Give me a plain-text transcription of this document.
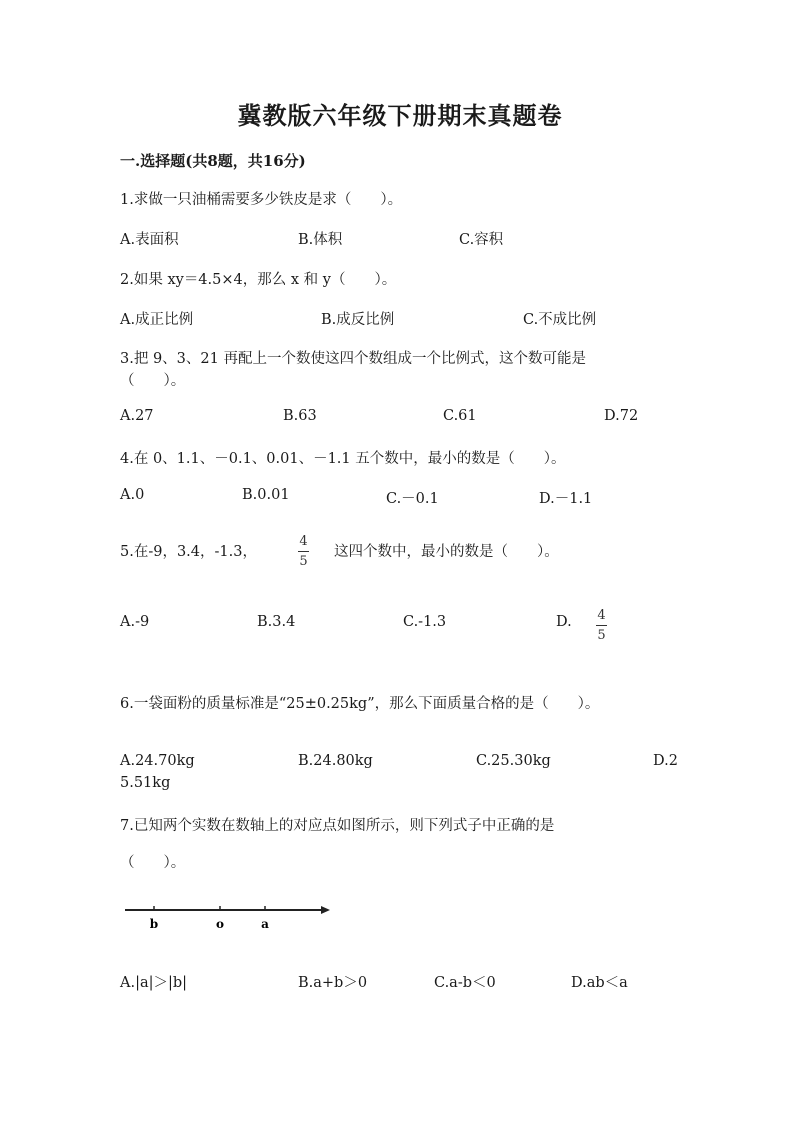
冀教版六年级下册期末真题卷
一.选择题(共8题，共16分)
1.求做一只油桶需要多少铁皮是求（　　）。
A.表面积	B.体积	C.容积
2.如果 xy＝4.5×4，那么 x 和 y（　　）。
A.成正比例	B.成反比例	C.不成比例
3.把 9、3、21 再配上一个数使这四个数组成一个比例式，这个数可能是
（　　）。
A.27	B.63	C.61	D.72
4.在 0、1.1、－0.1、0.01、－1.1 五个数中，最小的数是（　　）。
A.0	B.0.01	C.－0.1	D.－1.1
5.在-9，3.4，-1.3，
4
5
这四个数中，最小的数是（　　）。
A.-9	B.3.4	C.-1.3	D. 4
5
6.一袋面粉的质量标准是“25±0.25kg”，那么下面质量合格的是（　　）。
A.24.70kg	B.24.80kg	C.25.30kg	D.2
5.51kg
7.已知两个实数在数轴上的对应点如图所示，则下列式子中正确的是
（　　）。
b	o	a
A.|a|＞|b|	B.a+b＞0	C.a-b＜0	D.ab＜a
